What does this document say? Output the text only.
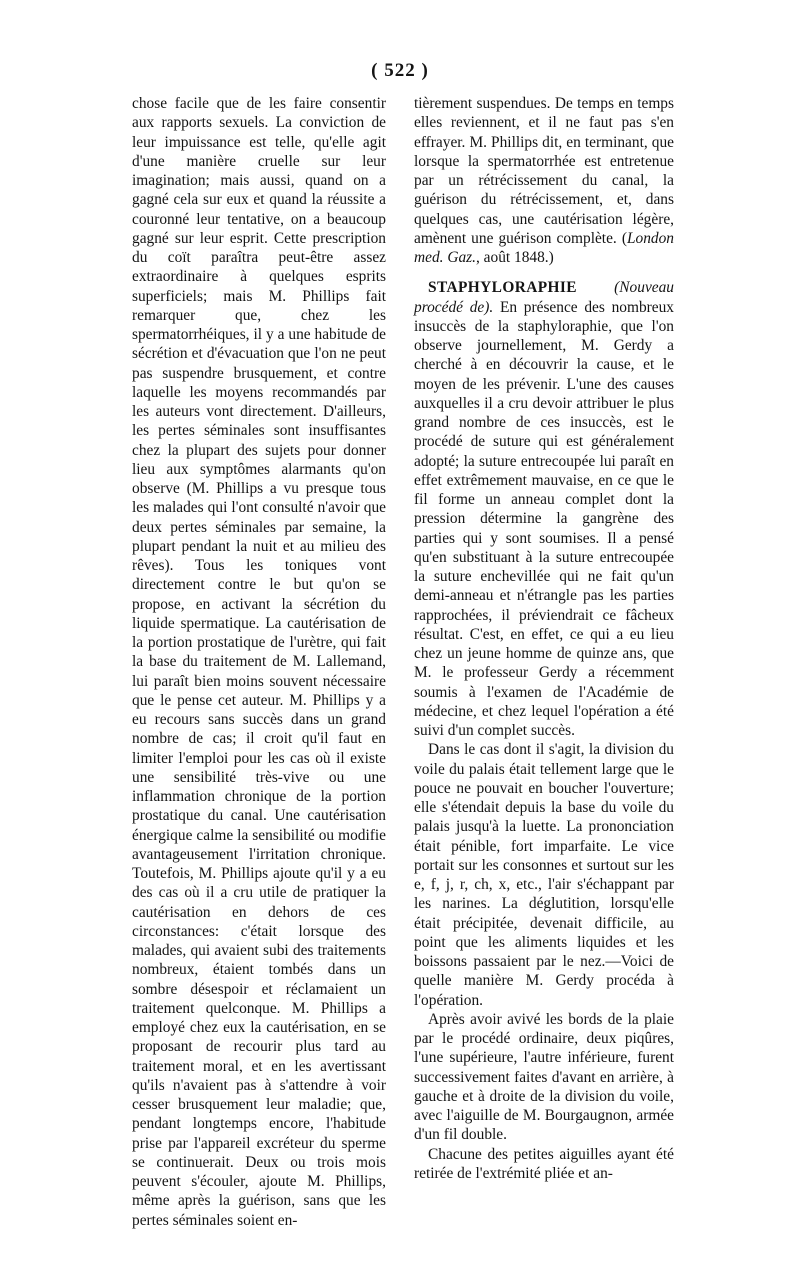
( 522 )

chose facile que de les faire consentir aux rapports sexuels. La conviction de leur impuissance est telle, qu'elle agit d'une manière cruelle sur leur imagination; mais aussi, quand on a gagné cela sur eux et quand la réussite a couronné leur tentative, on a beaucoup gagné sur leur esprit. Cette prescription du coït paraîtra peut-être assez extraordinaire à quelques esprits superficiels; mais M. Phillips fait remarquer que, chez les spermatorrhéiques, il y a une habitude de sécrétion et d'évacuation que l'on ne peut pas suspendre brusquement, et contre laquelle les moyens recommandés par les auteurs vont directement. D'ailleurs, les pertes séminales sont insuffisantes chez la plupart des sujets pour donner lieu aux symptômes alarmants qu'on observe (M. Phillips a vu presque tous les malades qui l'ont consulté n'avoir que deux pertes séminales par semaine, la plupart pendant la nuit et au milieu des rêves). Tous les toniques vont directement contre le but qu'on se propose, en activant la sécrétion du liquide spermatique. La cautérisation de la portion prostatique de l'urètre, qui fait la base du traitement de M. Lallemand, lui paraît bien moins souvent nécessaire que le pense cet auteur. M. Phillips y a eu recours sans succès dans un grand nombre de cas; il croit qu'il faut en limiter l'emploi pour les cas où il existe une sensibilité très-vive ou une inflammation chronique de la portion prostatique du canal. Une cautérisation énergique calme la sensibilité ou modifie avantageusement l'irritation chronique. Toutefois, M. Phillips ajoute qu'il y a eu des cas où il a cru utile de pratiquer la cautérisation en dehors de ces circonstances: c'était lorsque des malades, qui avaient subi des traitements nombreux, étaient tombés dans un sombre désespoir et réclamaient un traitement quelconque. M. Phillips a employé chez eux la cautérisation, en se proposant de recourir plus tard au traitement moral, et en les avertissant qu'ils n'avaient pas à s'attendre à voir cesser brusquement leur maladie; que, pendant longtemps encore, l'habitude prise par l'appareil excréteur du sperme se continuerait. Deux ou trois mois peuvent s'écouler, ajoute M. Phillips, même après la guérison, sans que les pertes séminales soient en-

tièrement suspendues. De temps en temps elles reviennent, et il ne faut pas s'en effrayer. M. Phillips dit, en terminant, que lorsque la spermatorrhée est entretenue par un rétrécissement du canal, la guérison du rétrécissement, et, dans quelques cas, une cautérisation légère, amènent une guérison complète. (London med. Gaz., août 1848.)

STAPHYLORAPHIE (Nouveau procédé de). En présence des nombreux insuccès de la staphyloraphie, que l'on observe journellement, M. Gerdy a cherché à en découvrir la cause, et le moyen de les prévenir. L'une des causes auxquelles il a cru devoir attribuer le plus grand nombre de ces insuccès, est le procédé de suture qui est généralement adopté; la suture entrecoupée lui paraît en effet extrêmement mauvaise, en ce que le fil forme un anneau complet dont la pression détermine la gangrène des parties qui y sont soumises. Il a pensé qu'en substituant à la suture entrecoupée la suture enchevillée qui ne fait qu'un demi-anneau et n'étrangle pas les parties rapprochées, il préviendrait ce fâcheux résultat. C'est, en effet, ce qui a eu lieu chez un jeune homme de quinze ans, que M. le professeur Gerdy a récemment soumis à l'examen de l'Académie de médecine, et chez lequel l'opération a été suivi d'un complet succès.

Dans le cas dont il s'agit, la division du voile du palais était tellement large que le pouce ne pouvait en boucher l'ouverture; elle s'étendait depuis la base du voile du palais jusqu'à la luette. La prononciation était pénible, fort imparfaite. Le vice portait sur les consonnes et surtout sur les e, f, j, r, ch, x, etc., l'air s'échappant par les narines. La déglutition, lorsqu'elle était précipitée, devenait difficile, au point que les aliments liquides et les boissons passaient par le nez.—Voici de quelle manière M. Gerdy procéda à l'opération.

Après avoir avivé les bords de la plaie par le procédé ordinaire, deux piqûres, l'une supérieure, l'autre inférieure, furent successivement faites d'avant en arrière, à gauche et à droite de la division du voile, avec l'aiguille de M. Bourgaugnon, armée d'un fil double.

Chacune des petites aiguilles ayant été retirée de l'extrémité pliée et an-
